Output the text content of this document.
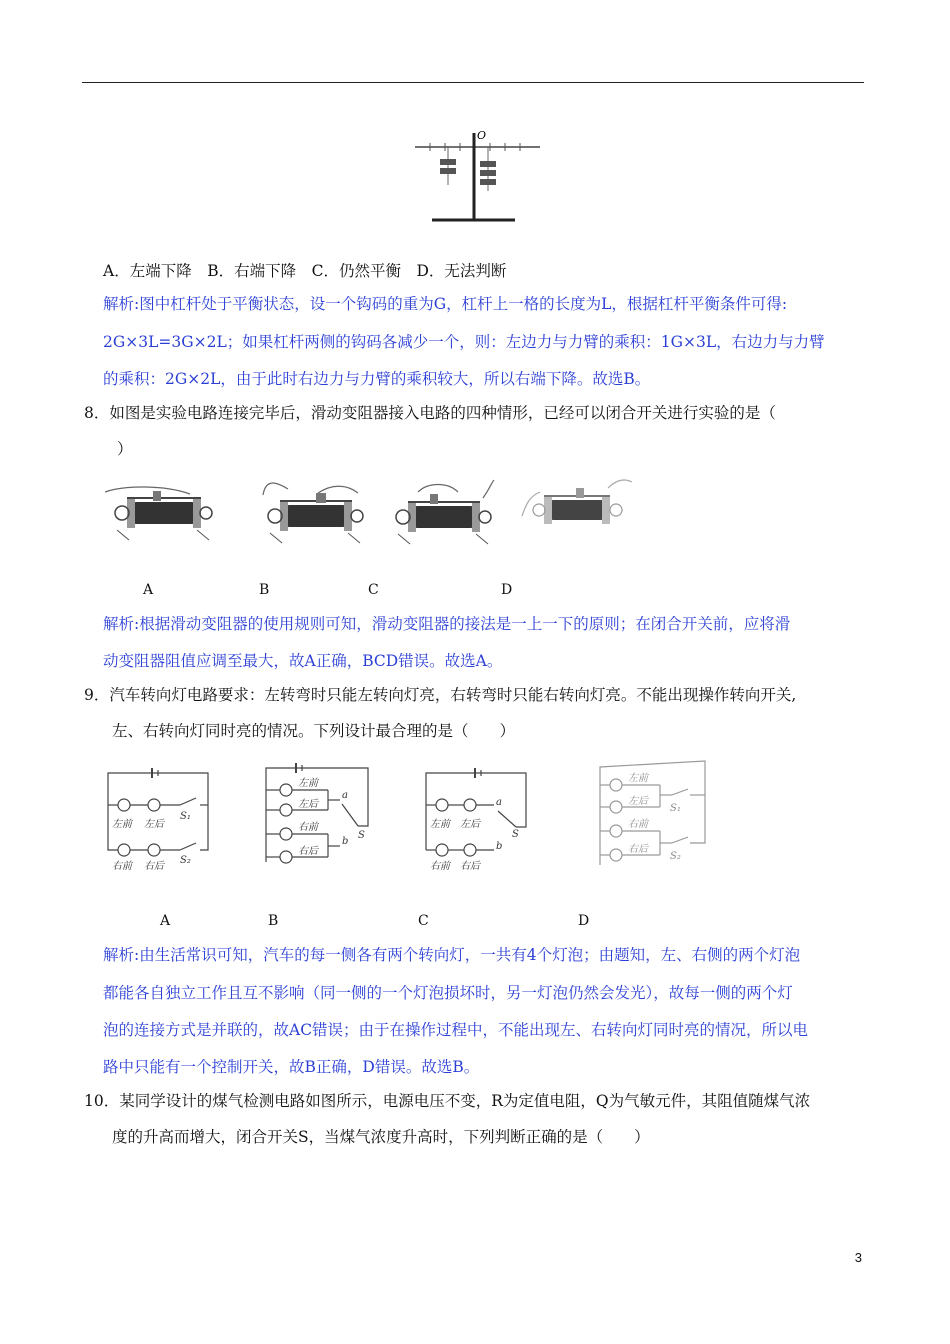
O
A．左端下降　B．右端下降　C．仍然平衡　D．无法判断
解析:图中杠杆处于平衡状态，设一个钩码的重为G，杠杆上一格的长度为L，根据杠杆平衡条件可得:
2G×3L=3G×2L；如果杠杆两侧的钩码各减少一个，则：左边力与力臂的乘积：1G×3L，右边力与力臂
的乘积：2G×2L，由于此时右边力与力臂的乘积较大，所以右端下降。故选B。
8．如图是实验电路连接完毕后，滑动变阻器接入电路的四种情形，已经可以闭合开关进行实验的是（
）
A	B	C	D
解析:根据滑动变阻器的使用规则可知，滑动变阻器的接法是一上一下的原则；在闭合开关前，应将滑
动变阻器阻值应调至最大，故A正确，BCD错误。故选A。
9．汽车转向灯电路要求：左转弯时只能左转向灯亮，右转弯时只能右转向灯亮。不能出现操作转向开关,
左、右转向灯同时亮的情况。下列设计最合理的是（　　）
左前 左后
S₁
右前 右后
S₂
左前
左后
右前
右后
a
b
S
左前 左后
a
b
S
右前 右后
左前
左后
S₁
右前
右后
S₂
A	B	C	D
解析:由生活常识可知，汽车的每一侧各有两个转向灯，一共有4个灯泡；由题知，左、右侧的两个灯泡
都能各自独立工作且互不影响（同一侧的一个灯泡损坏时，另一灯泡仍然会发光），故每一侧的两个灯
泡的连接方式是并联的，故AC错误；由于在操作过程中，不能出现左、右转向灯同时亮的情况，所以电
路中只能有一个控制开关，故B正确，D错误。故选B。
10．某同学设计的煤气检测电路如图所示，电源电压不变，R为定值电阻，Q为气敏元件，其阻值随煤气浓
度的升高而增大，闭合开关S，当煤气浓度升高时，下列判断正确的是（　　）
3
